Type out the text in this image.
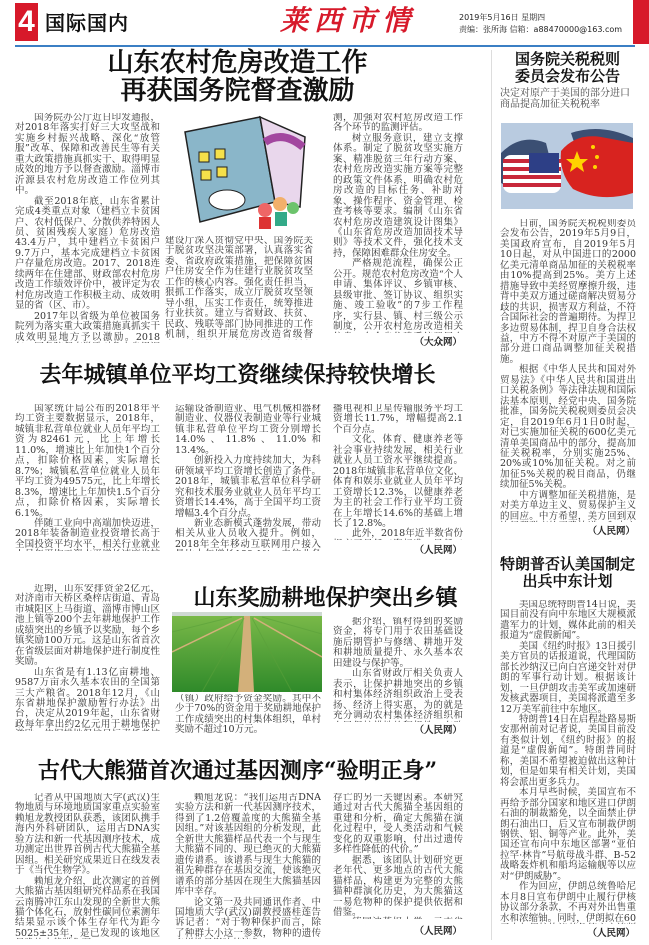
4 国际国内	莱西市情	2019年5月16日 星期四
责编：张所海 信箱：a88470000@163.com
山东农村危房改造工作
再获国务院督查激励

国务院办公厅近日印发通报，对2018年落实打好三大攻坚战和实施乡村振兴战略、深化“放管服”改革、保障和改善民生等有关重大政策措施真抓实干、取得明显成效的地方予以督查激励。淄博市沂源县农村危房改造工作位列其中。

截至2018年底，山东省累计完成4类重点对象（建档立卡贫困户、农村低保户、分散供养特困人员、贫困残疾人家庭）危房改造43.4万户，其中建档立卡贫困户9.7万户，基本完成建档立卡贫困户存量危房改造。2017、2018连续两年在住建部、财政部农村危房改造工作绩效评价中，被评定为农村危房改造工作积极主动、成效明显的省（区、市）。

2017年以省级为单位被国务院列为落实重大政策措施真抓实干成效明显地方予以激励。2018

建设厅深入贯彻党中央、国务院关于脱贫攻坚决策部署，认真落实省委、省政府政策措施，把保障贫困户住房安全作为住建行业脱贫攻坚工作的核心内容。强化责任担当，狠抓工作落实，成立厅脱贫攻坚领导小组，压实工作责任，统筹推进行业扶贫。建立与省财政、扶贫、民政、残联等部门协同推进的工作机制，组织开展危房改造省级督

测，加强对农村危房改造工作各个环节的监测评估。

树立服务意识，建立支撑体系。制定了脱贫攻坚实施方案、精准脱贫三年行动方案、农村危房改造实施方案等完整的政策文件体系，明确农村危房改造的目标任务、补助对象、操作程序、资金管理、检查考核等要求。编制《山东省农村危房改造建筑设计图集》《山东省危房改造加固技术导则》等技术文件，强化技术支持，保障困难群众住房安全。

严格规范流程，确保公正公开。规范农村危房改造“个人申请、集体评议、乡镇审核、县级审批、签订协议、组织实施、竣工验收”的7步工作程序，实行县、镇、村三级公示制度，公开农村危房改造相关

（大众网）
去年城镇单位平均工资继续保持较快增长

国家统计局公布的2018年平均工资主要数据显示，2018年，城镇非私营单位就业人员年平均工资为82461元，比上年增长11.0%，增速比上年加快1个百分点，扣除价格因素，实际增长8.7%；城镇私营单位就业人员年平均工资为49575元，比上年增长8.3%，增速比上年加快1.5个百分点，扣除价格因素，实际增长6.1%。

伴随工业向中高端加快迈进，2018年装备制造业投资增长高于全国投资平均水平，相关行业就业

运输设备制造业、电气机械和器材制造业、仪器仪表制造业等行业城镇非私营单位平均工资分别增长14.0%、11.8%、11.0%和13.4%。

创新投入力度持续加大，为科研领域平均工资增长创造了条件。2018年，城镇非私营单位科学研究和技术服务业就业人员年平均工资增长14.4%，高于全国平均工资增幅3.4个百分点。

新业态新模式蓬勃发展，带动相关从业人员收入提升。例如，2018年全年移动互联网用户接入

播电视和卫星传输服务平均工资增长11.7%，增幅提高2.1个百分点。

文化、体育、健康养老等社会事业持续发展，相关行业就业人员工资水平继续提高。2018年城镇非私营单位文化、体育和娱乐业就业人员年平均工资增长12.3%，以健康养老为主的社会工作行业平均工资在上年增长14.6%的基础上增长了12.8%。

此外，2018年近半数省份

（人民网）
山东奖励耕地保护突出乡镇

近期，山东安排资金2亿元，对济南市天桥区桑梓店街道、青岛市城阳区上马街道、淄博市博山区池上镇等200个去年耕地保护工作成绩突出的乡镇予以奖励，每个乡镇奖励100万元。这是山东省首次在省级层面对耕地保护进行制度性奖励。

山东省是有1.13亿亩耕地、9587万亩永久基本农田的全国第三大产粮省。2018年12月，《山东省耕地保护激励暂行办法》出台，决定从2019年起，山东省财政每年拿出约2亿元用于耕地保护

（镇）政府给予资金奖励。其中不少于70%的资金用于奖励耕地保护工作成绩突出的村集体组织，单村奖励不超过10万元。

据介绍，镇村得到的奖励资金，将专门用于农田基础设施后期管护与修缮、耕地开发和耕地质量提升、永久基本农田建设与保护等。

山东省财政厅相关负责人表示，让保护耕地突出的乡镇和村集体经济组织政治上受表扬、经济上得实惠，为的就是充分调动农村集体经济组织和

（人民网）
古代大熊猫首次通过基因测序“验明正身”

记者从中国地质大学(武汉)生物地质与环境地质国家重点实验室赖旭龙教授团队获悉，该团队携手海内外科研团队，运用古DNA实验方法和新一代基因测序技术，成功测定出世界首例古代大熊猫全基因组。相关研究成果近日在线发表于《当代生物学》。

赖旭龙介绍，此次测定的首例大熊猫古基因组研究样品系在我国云南腾冲江东山发现的全新世大熊猫个体化石，放射性碳同位素测年结果显示该个体生存年代为距今5025±35年，是已发现的该地区

赖旭龙说：“我们运用古DNA实验方法和新一代基因测序技术，得到了1.2倍覆盖度的大熊猫全基因组。”对该基因组的分析发现，此全新世大熊猫样品代表一个与现生大熊猫不同的、现已绝灭的大熊猫遗传谱系。该谱系与现生大熊猫的祖先种群存在基因交流，使该绝灭谱系的部分基因在现生大熊猫基因库中幸存。

论文第一及共同通讯作者、中国地质大学(武汉)副教授盛桂莲告诉记者：“对于物种保护而言，除了种群大小这一参数，物种的遗传

存亡的另一关键因素。本研究通过对古代大熊猫全基因组的重建和分析，确定大熊猫在演化过程中，受人类活动和气候变化的双重影响，付出过遗传多样性降低的代价。”

据悉，该团队计划研究更老年代、更多地点的古代大熊猫样品，构建更为完整的大熊猫种群演化历史，为大熊猫这一易危物种的保护提供依据和借鉴。

（人民网）
国务院关税税则
委员会发布公告
决定对原产于美国的部分进口商品提高加征关税税率

日前，国务院关税税则委员会发布公告，2019年5月9日，美国政府宣布，自2019年5月10日起，对从中国进口的2000亿美元清单商品加征的关税税率由10%提高到25%。美方上述措施导致中美经贸摩擦升级，违背中美双方通过磋商解决贸易分歧的共识，损害双方利益，不符合国际社会的普遍期待。为捍卫多边贸易体制，捍卫自身合法权益，中方不得不对原产于美国的部分进口商品调整加征关税措施。

根据《中华人民共和国对外贸易法》《中华人民共和国进出口关税条例》等法律法规和国际法基本原则，经党中央、国务院批准，国务院关税税则委员会决定，自2019年6月1日0时起，对已实施加征关税的600亿美元清单美国商品中的部分，提高加征关税税率，分别实施25%、20%或10%加征关税。对之前加征5%关税的税目商品，仍继续加征5%关税。

中方调整加征关税措施，是对美方单边主义、贸易保护主义的回应。中方希望，美方回到双

（人民网）
特朗普否认美国制定
出兵中东计划

美国总统特朗普14日说，美国目前没有向中东地区大规模派遣军力的计划，媒体此前的相关报道为“虚假新闻”。

美国《纽约时报》13日援引美方官员的话报道说，代理国防部长沙纳汉已向白宫递交针对伊朗的军事行动计划。根据该计划，一旦伊朗攻击美军或加速研发核武器项目，美国将派遣至多12万美军前往中东地区。

特朗普14日在启程赴路易斯安那州前对记者说，美国目前没有类似计划，《纽约时报》的报道是“虚假新闻”。特朗普同时称，美国不希望被迫做出这种计划，但是如果有相关计划，美国将会派出更多兵力。

本月早些时候，美国宣布不再给予部分国家和地区进口伊朗石油的制裁豁免，以全面禁止伊朗石油出口，后又宣布制裁伊朗钢铁、铝、铜等产业。此外，美国还宣布向中东地区部署“亚伯拉罕·林肯”号航母战斗群、B-52战略轰炸机和船坞运输舰等以应对“伊朗威胁”。

作为回应，伊朗总统鲁哈尼本月8日宣布伊朗中止履行伊核协议部分条款，不再对外出售重水和浓缩铀。同时，伊朗拟在60

（人民网）
